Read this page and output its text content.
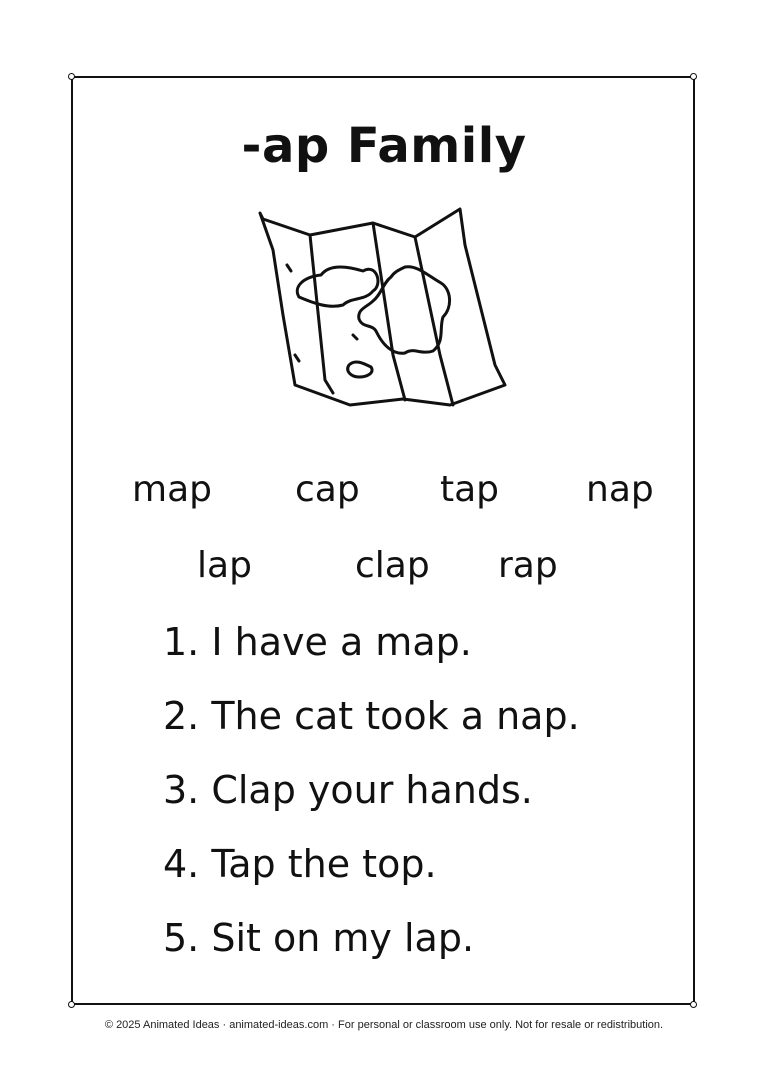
-ap Family
map cap tap nap
lap	clap rap
1. I have a map.
2. The cat took a nap.
3. Clap your hands.
4. Tap the top.
5. Sit on my lap.
© 2025 Animated Ideas · animated-ideas.com · For personal or classroom use only. Not for resale or redistribution.
